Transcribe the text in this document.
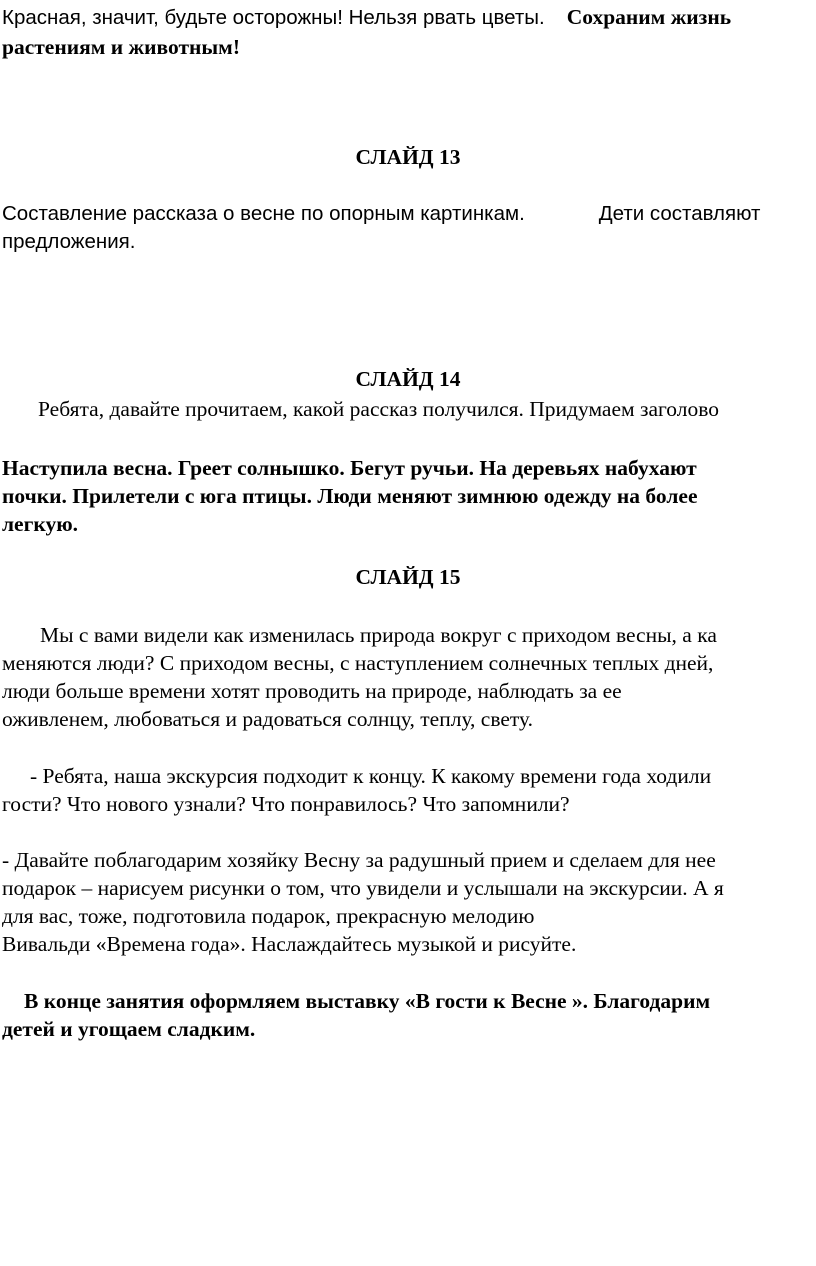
Красная, значит, будьте осторожны! Нельзя рвать цветы. Сохраним жизнь
растениям и животным!
СЛАЙД 13
Составление рассказа о весне по опорным картинкам.	Дети составляют
предложения.
СЛАЙД 14
Ребята, давайте прочитаем, какой рассказ получился. Придумаем заголово
Наступила весна. Греет солнышко. Бегут ручьи. На деревьях набухают
почки. Прилетели с юга птицы. Люди меняют зимнюю одежду на более
легкую.
СЛАЙД 15
Мы с вами видели как изменилась природа вокруг с приходом весны, а ка
меняются люди? С приходом весны, с наступлением солнечных теплых дней,
люди больше времени хотят проводить на природе, наблюдать за ее
оживленем, любоваться и радоваться солнцу, теплу, свету.
- Ребята, наша экскурсия подходит к концу. К какому времени года ходили
гости? Что нового узнали? Что понравилось? Что запомнили?
- Давайте поблагодарим хозяйку Весну за радушный прием и сделаем для нее
подарок – нарисуем рисунки о том, что увидели и услышали на экскурсии. А я
для вас, тоже, подготовила подарок, прекрасную мелодию
Вивальди «Времена года». Наслаждайтесь музыкой и рисуйте.
В конце занятия оформляем выставку «В гости к Весне ». Благодарим
детей и угощаем сладким.
